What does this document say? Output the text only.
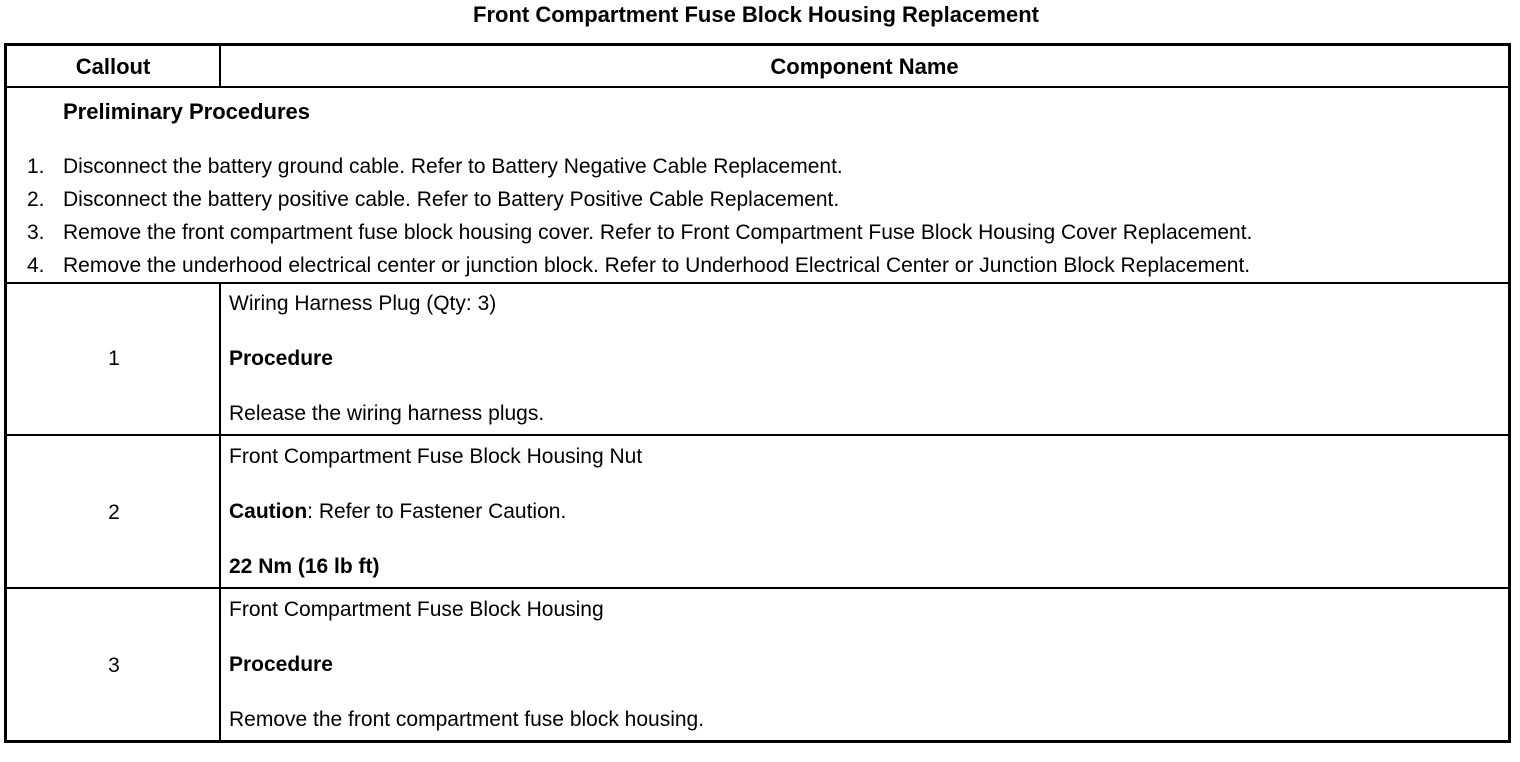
Front Compartment Fuse Block Housing Replacement
Callout	Component Name
Preliminary Procedures
1. Disconnect the battery ground cable. Refer to Battery Negative Cable Replacement.
2. Disconnect the battery positive cable. Refer to Battery Positive Cable Replacement.
3. Remove the front compartment fuse block housing cover. Refer to Front Compartment Fuse Block Housing Cover Replacement.
4. Remove the underhood electrical center or junction block. Refer to Underhood Electrical Center or Junction Block Replacement.
1
Wiring Harness Plug (Qty: 3)
Procedure
Release the wiring harness plugs.
2
Front Compartment Fuse Block Housing Nut
Caution: Refer to Fastener Caution.
22 Nm (16 lb ft)
3
Front Compartment Fuse Block Housing
Procedure
Remove the front compartment fuse block housing.
